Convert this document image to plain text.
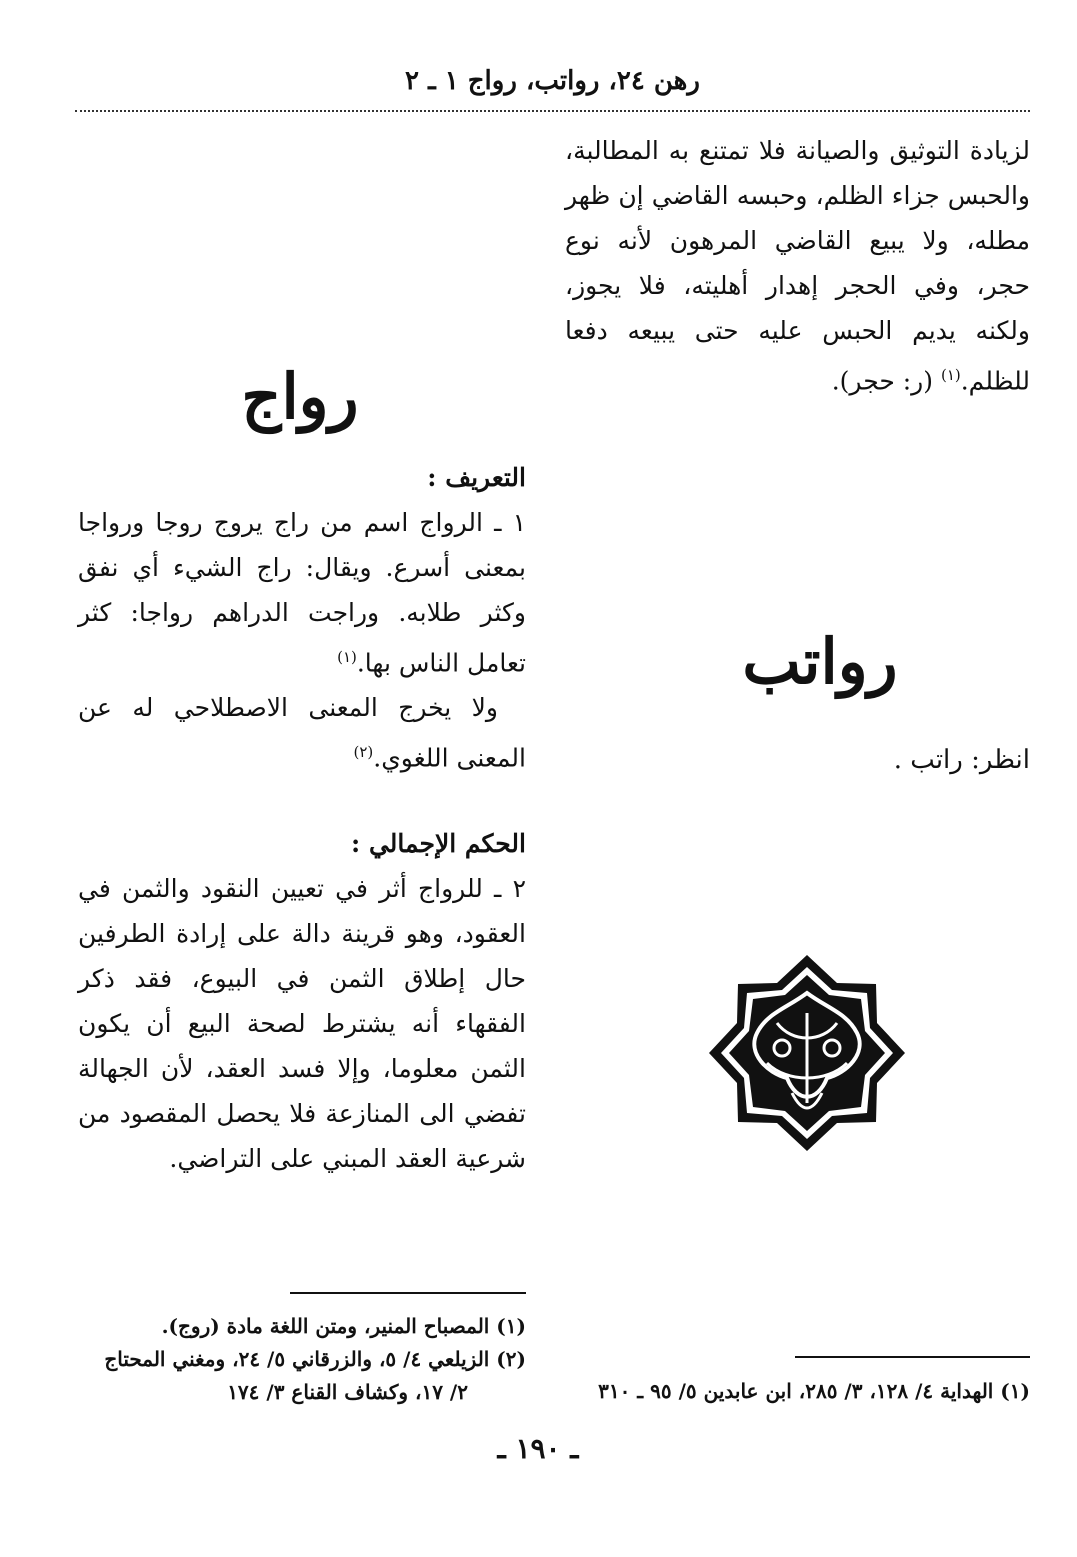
رهن ٢٤، رواتب، رواج ١ ـ ٢

لزيادة التوثيق والصيانة فلا تمتنع به المطالبة، والحبس جزاء الظلم، وحبسه القاضي إن ظهر مطله، ولا يبيع القاضي المرهون لأنه نوع حجر، وفي الحجر إهدار أهليته، فلا يجوز، ولكنه يديم الحبس عليه حتى يبيعه دفعا للظلم.$^{(١)}$ (ر: حجر).

رواتب
انظر: راتب .
رواج

التعريف :

١ ـ الرواج اسم من راج يروج روجا ورواجا بمعنى أسرع. ويقال: راج الشيء أي نفق وكثر طلابه. وراجت الدراهم رواجا: كثر تعامل الناس بها.$^{(١)}$

ولا يخرج المعنى الاصطلاحي له عن المعنى اللغوي.$^{(٢)}$

الحكم الإجمالي :

٢ ـ للرواج أثر في تعيين النقود والثمن في العقود، وهو قرينة دالة على إرادة الطرفين حال إطلاق الثمن في البيوع، فقد ذكر الفقهاء أنه يشترط لصحة البيع أن يكون الثمن معلوما، وإلا فسد العقد، لأن الجهالة تفضي الى المنازعة فلا يحصل المقصود من شرعية العقد المبني على التراضي.

(١) المصباح المنير، ومتن اللغة مادة (روج).

(٢) الزيلعي ٤/ ٥، والزرقاني ٥/ ٢٤، ومغني المحتاج

٢/ ١٧، وكشاف القناع ٣/ ١٧٤	(١) الهداية ٤/ ١٢٨، ٣/ ٢٨٥، ابن عابدين ٥/ ٩٥ ـ ٣١٠

ـ ١٩٠ ـ
